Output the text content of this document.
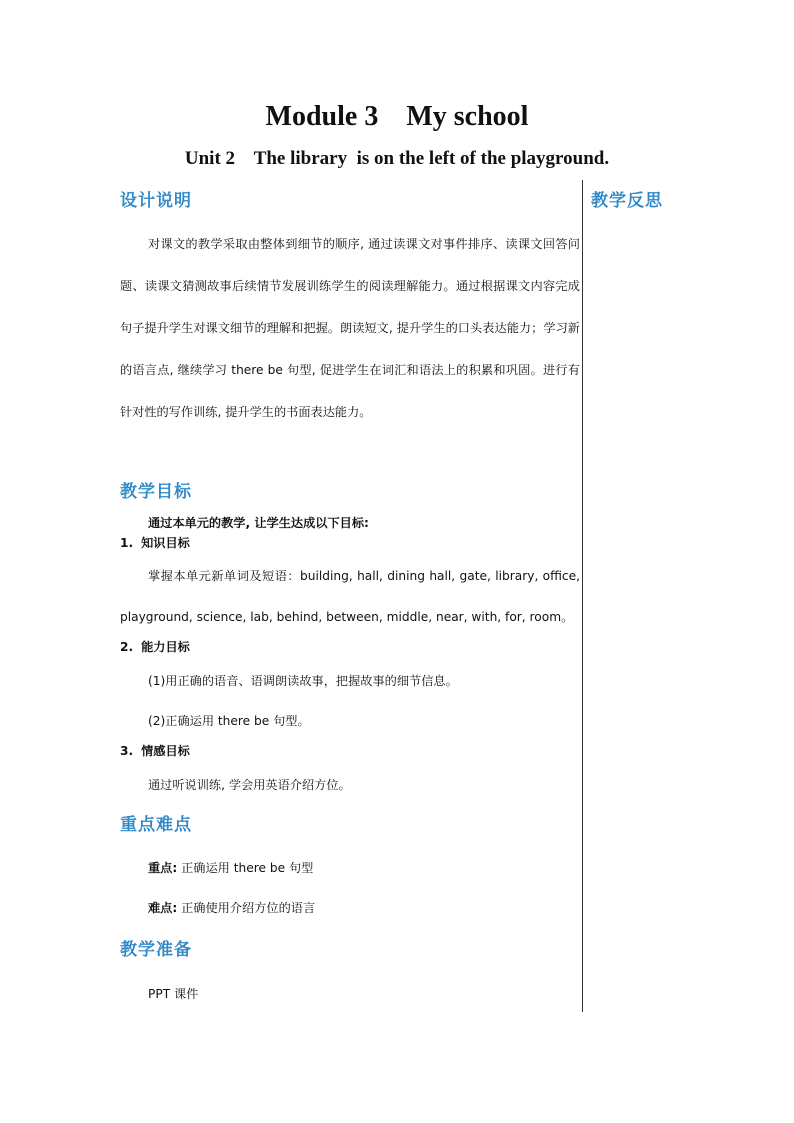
Module 3    My school
Unit 2    The library  is on the left of the playground.
设计说明
对课文的教学采取由整体到细节的顺序, 通过读课文对事件排序、读课文回答问题、读课文猜测故事后续情节发展训练学生的阅读理解能力。通过根据课文内容完成句子提升学生对课文细节的理解和把握。朗读短文, 提升学生的口头表达能力；学习新的语言点, 继续学习 there be 句型, 促进学生在词汇和语法上的积累和巩固。进行有针对性的写作训练, 提升学生的书面表达能力。
教学目标
通过本单元的教学, 让学生达成以下目标:
1. 知识目标
掌握本单元新单词及短语：building, hall, dining hall, gate, library, office, playground, science, lab, behind, between, middle, near, with, for, room。
2. 能力目标
(1)用正确的语音、语调朗读故事，把握故事的细节信息。
(2)正确运用 there be 句型。
3. 情感目标
通过听说训练, 学会用英语介绍方位。
重点难点
重点: 正确运用 there be 句型
难点: 正确使用介绍方位的语言
教学准备
PPT 课件
教学反思
